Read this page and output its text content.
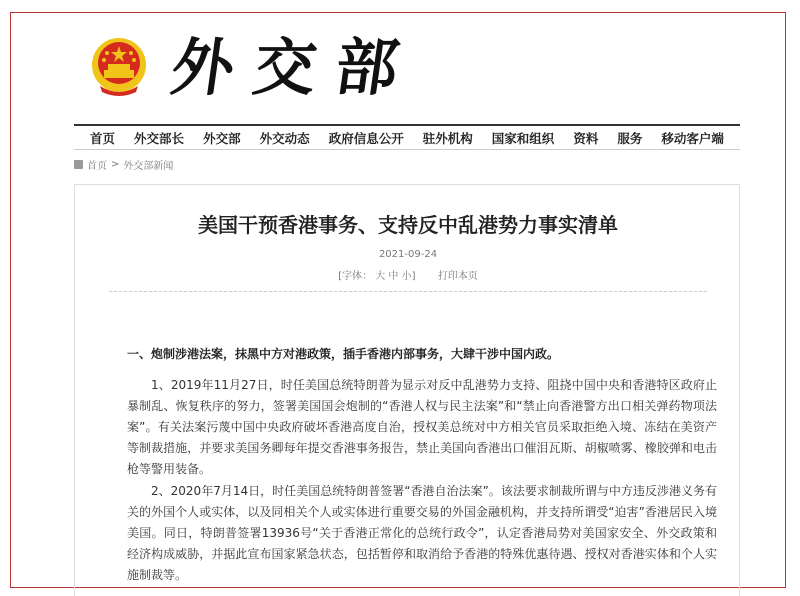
外交部
首页 外交部长 外交部 外交动态 政府信息公开 驻外机构 国家和组织 资料 服务 移动客户端
首页 > 外交部新闻
美国干预香港事务、支持反中乱港势力事实清单
2021-09-24
[字体： 大 中 小] 打印本页
一、炮制涉港法案，抹黑中方对港政策，插手香港内部事务，大肆干涉中国内政。
1、2019年11月27日，时任美国总统特朗普为显示对反中乱港势力支持、阻挠中国中央和香港特区政府止暴制乱、恢复秩序的努力，签署美国国会炮制的“香港人权与民主法案”和“禁止向香港警方出口相关弹药物项法案”。有关法案污蔑中国中央政府破坏香港高度自治，授权美总统对中方相关官员采取拒绝入境、冻结在美资产等制裁措施，并要求美国务卿每年提交香港事务报告，禁止美国向香港出口催泪瓦斯、胡椒喷雾、橡胶弹和电击枪等警用装备。
2、2020年7月14日，时任美国总统特朗普签署“香港自治法案”。该法要求制裁所谓与中方违反涉港义务有关的外国个人或实体，以及同相关个人或实体进行重要交易的外国金融机构，并支持所谓受“迫害”香港居民入境美国。同日，特朗普签署13936号“关于香港正常化的总统行政令”，认定香港局势对美国家安全、外交政策和经济构成威胁，并据此宣布国家紧急状态，包括暂停和取消给予香港的特殊优惠待遇、授权对香港实体和个人实施制裁等。
